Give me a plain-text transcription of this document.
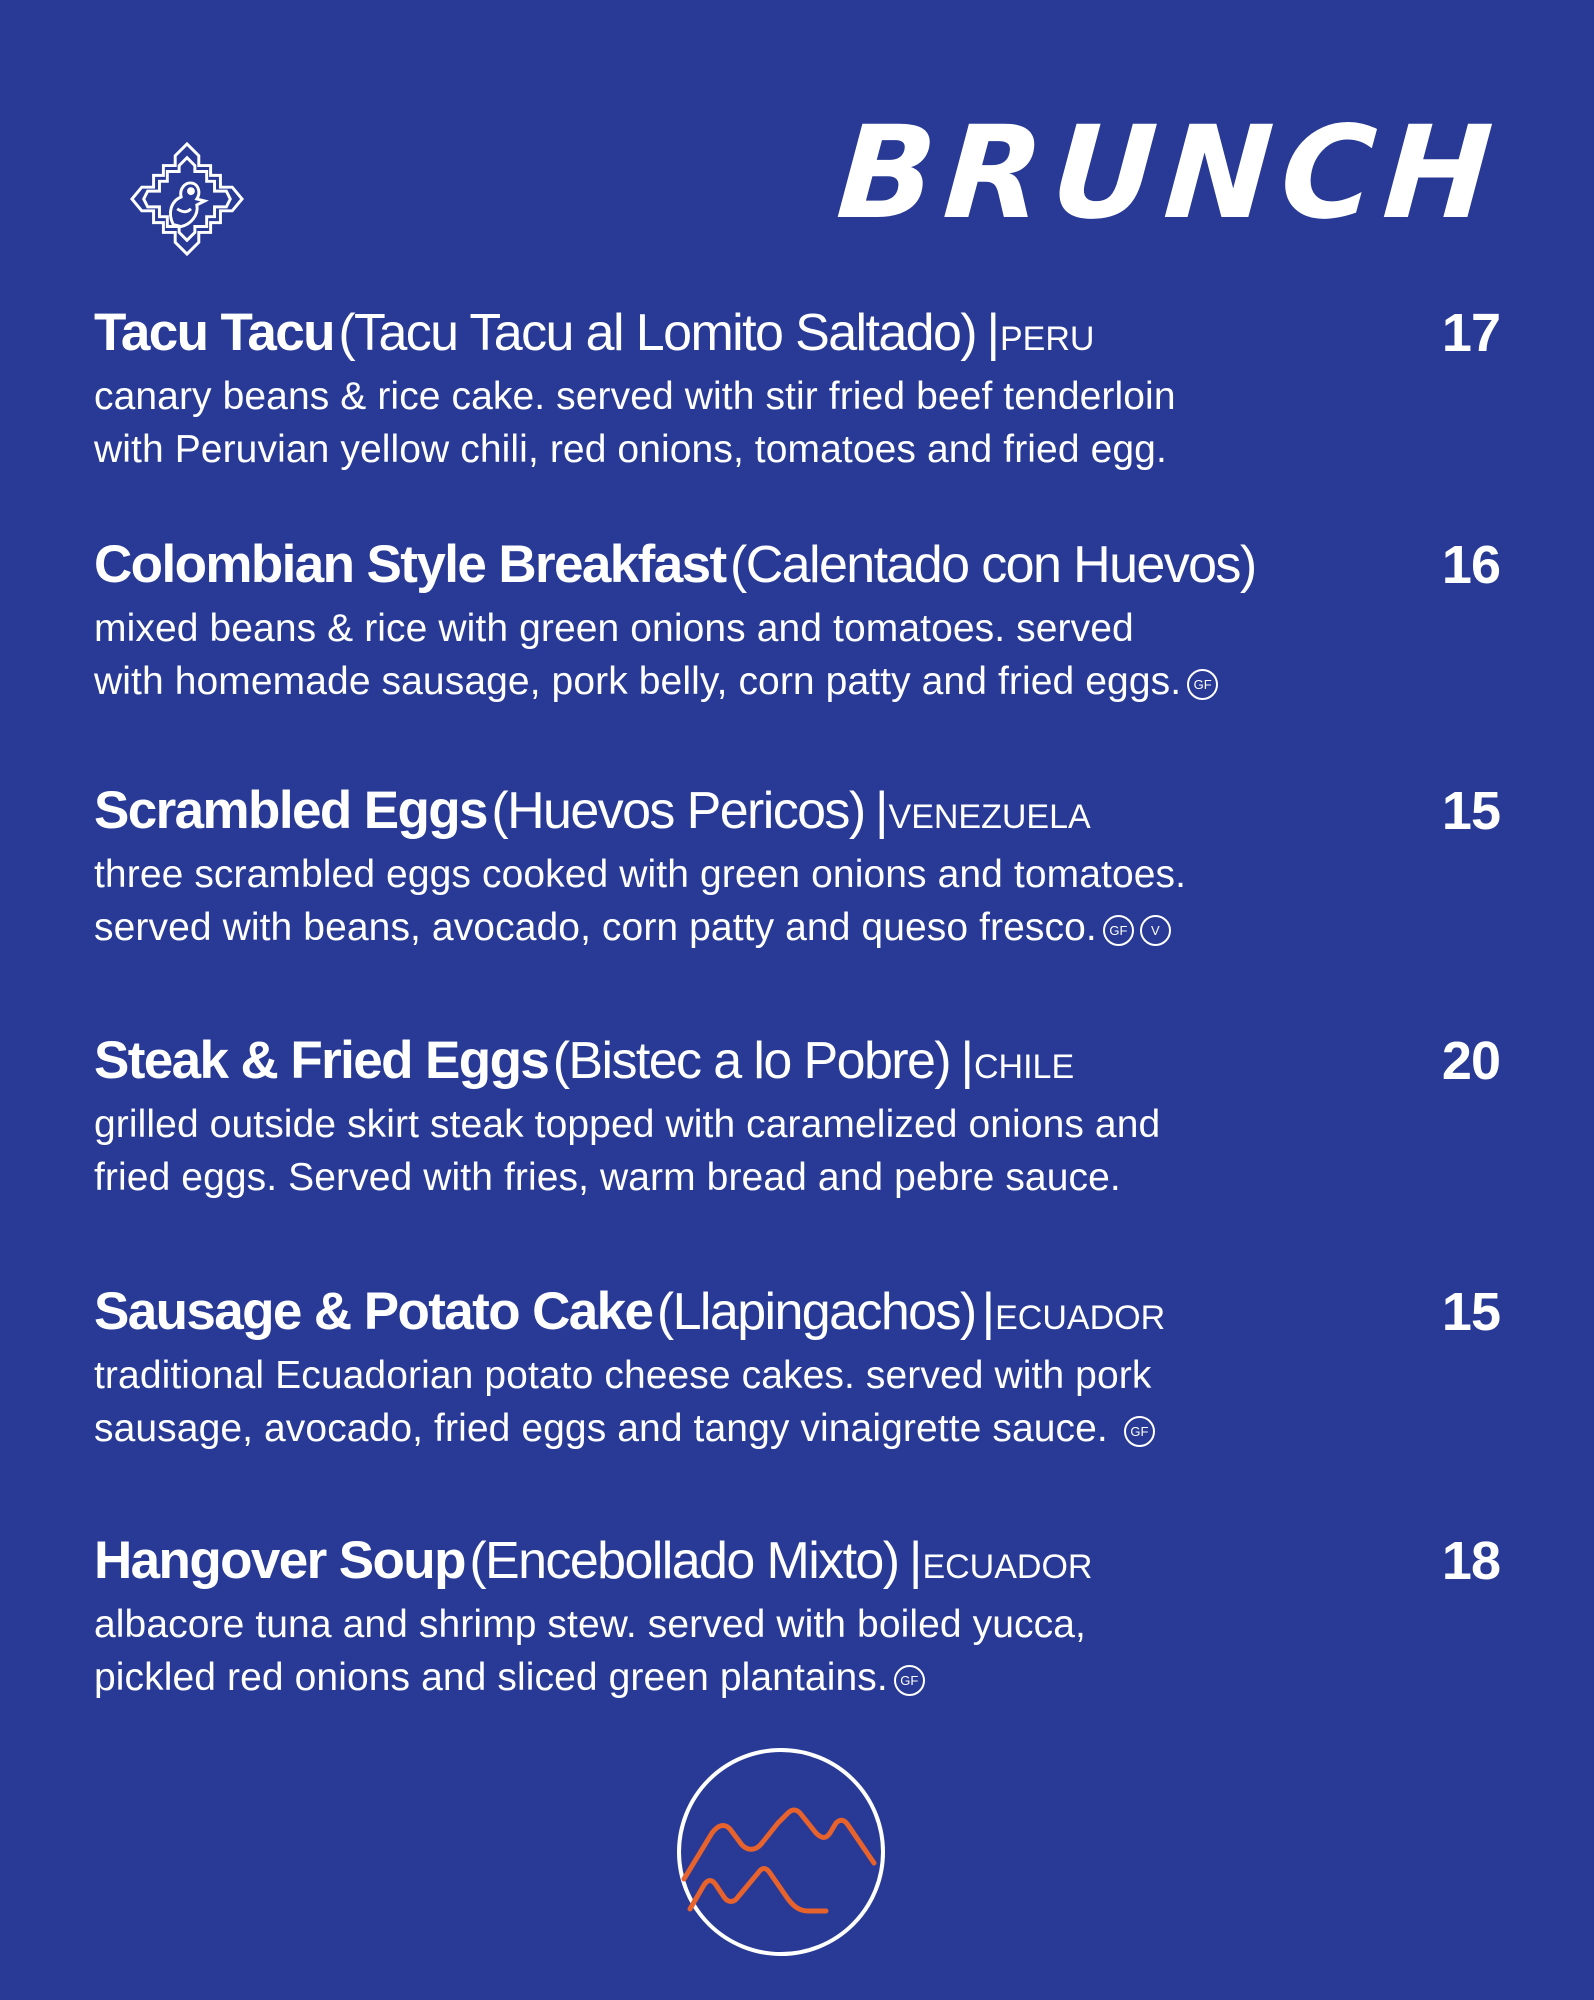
BRUNCH
Tacu Tacu (Tacu Tacu al Lomito Saltado) |PERU	17
canary beans & rice cake. served with stir fried beef tenderloin
with Peruvian yellow chili, red onions, tomatoes and fried egg.
Colombian Style Breakfast (Calentado con Huevos)	16
mixed beans & rice with green onions and tomatoes. served
with homemade sausage, pork belly, corn patty and fried eggs. GF
Scrambled Eggs (Huevos Pericos) |VENEZUELA	15
three scrambled eggs cooked with green onions and tomatoes.
served with beans, avocado, corn patty and queso fresco. GF V
Steak & Fried Eggs (Bistec a lo Pobre) |CHILE	20
grilled outside skirt steak topped with caramelized onions and
fried eggs. Served with fries, warm bread and pebre sauce.
Sausage & Potato Cake (Llapingachos) |ECUADOR	15
traditional Ecuadorian potato cheese cakes. served with pork
sausage, avocado, fried eggs and tangy vinaigrette sauce. GF
Hangover Soup (Encebollado Mixto) |ECUADOR	18
albacore tuna and shrimp stew. served with boiled yucca,
pickled red onions and sliced green plantains. GF
